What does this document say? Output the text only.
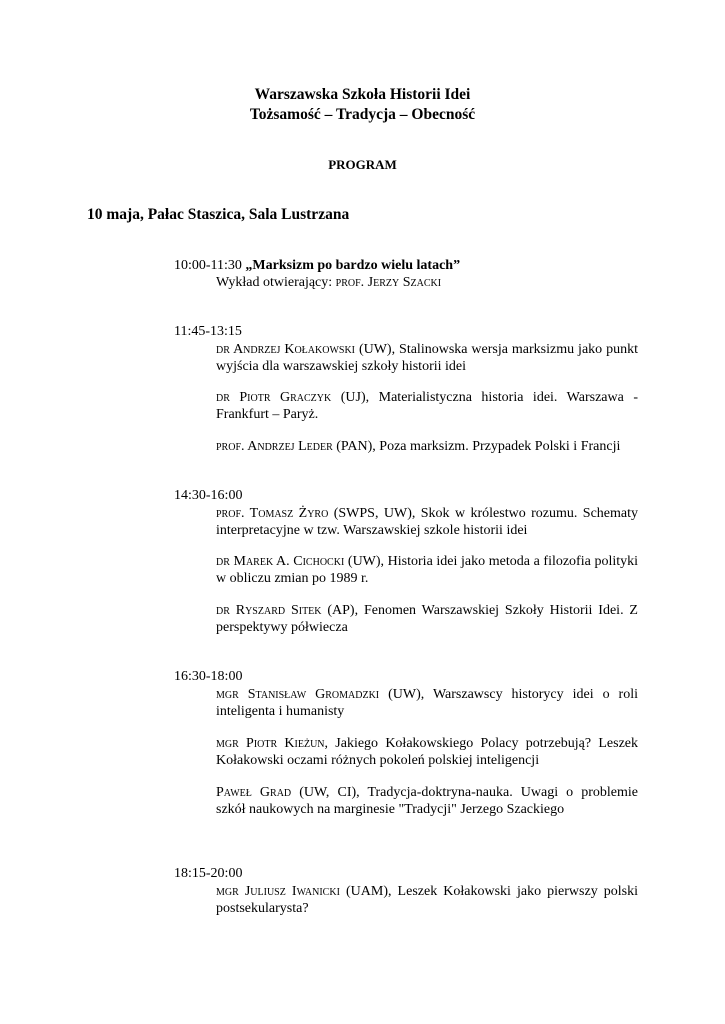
Warszawska Szkoła Historii Idei
Tożsamość – Tradycja – Obecność
PROGRAM
10 maja, Pałac Staszica, Sala Lustrzana
10:00-11:30 „Marksizm po bardzo wielu latach”
Wykład otwierający: prof. Jerzy Szacki
11:45-13:15
dr Andrzej Kołakowski (UW), Stalinowska wersja marksizmu jako punkt wyjścia dla warszawskiej szkoły historii idei
dr Piotr Graczyk (UJ), Materialistyczna historia idei. Warszawa - Frankfurt – Paryż.
prof. Andrzej Leder (PAN), Poza marksizm. Przypadek Polski i Francji
14:30-16:00
prof. Tomasz Żyro (SWPS, UW), Skok w królestwo rozumu. Schematy interpretacyjne w tzw. Warszawskiej szkole historii idei
dr Marek A. Cichocki (UW), Historia idei jako metoda a filozofia polityki w obliczu zmian po 1989 r.
dr Ryszard Sitek (AP), Fenomen Warszawskiej Szkoły Historii Idei. Z perspektywy półwiecza
16:30-18:00
mgr Stanisław Gromadzki (UW), Warszawscy historycy idei o roli inteligenta i humanisty
mgr Piotr Kieżun, Jakiego Kołakowskiego Polacy potrzebują? Leszek Kołakowski oczami różnych pokoleń polskiej inteligencji
Paweł Grad (UW, CI), Tradycja-doktryna-nauka. Uwagi o problemie szkół naukowych na marginesie "Tradycji" Jerzego Szackiego
18:15-20:00
mgr Juliusz Iwanicki (UAM), Leszek Kołakowski jako pierwszy polski postsekularysta?
